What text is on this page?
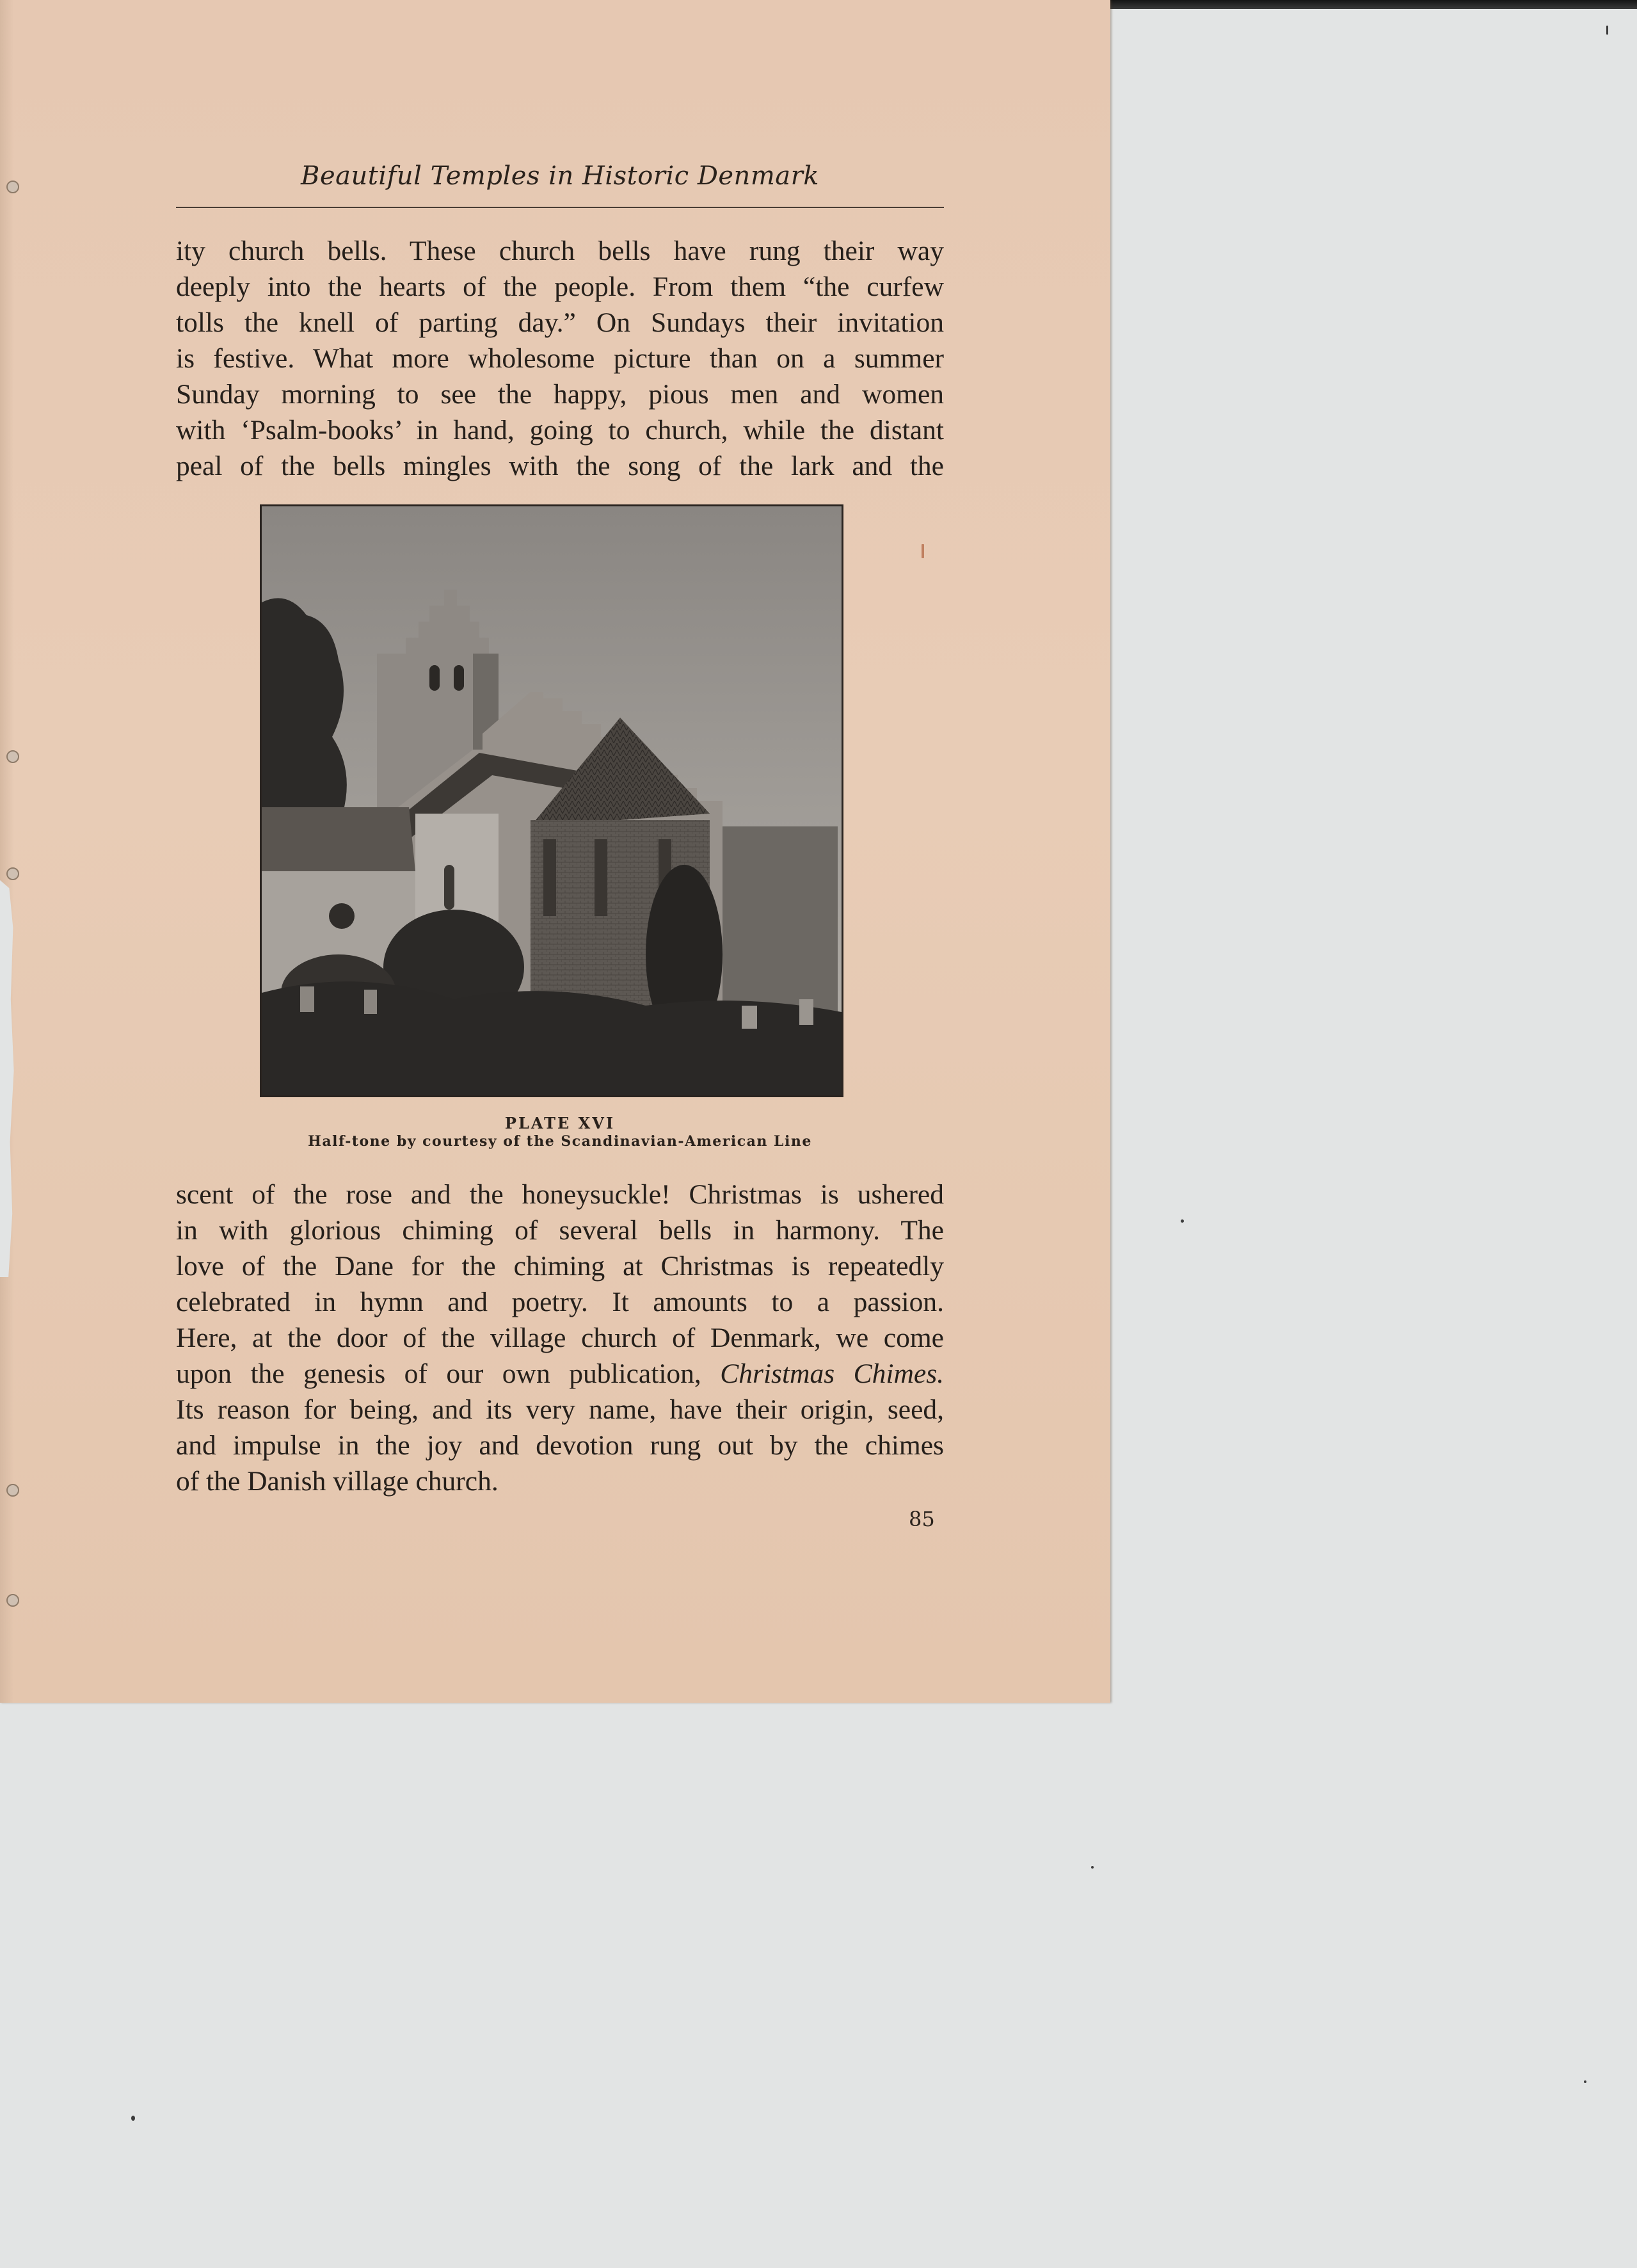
Beautiful Temples in Historic Denmark
ity church bells. These church bells have rung their way
deeply into the hearts of the people. From them “the curfew
tolls the knell of parting day.” On Sundays their invitation
is festive. What more wholesome picture than on a summer
Sunday morning to see the happy, pious men and women
with ‘Psalm-books’ in hand, going to church, while the distant
peal of the bells mingles with the song of the lark and the
PLATE XVI
Half-tone by courtesy of the Scandinavian-American Line
scent of the rose and the honeysuckle! Christmas is ushered
in with glorious chiming of several bells in harmony. The
love of the Dane for the chiming at Christmas is repeatedly
celebrated in hymn and poetry. It amounts to a passion.
Here, at the door of the village church of Denmark, we come
upon the genesis of our own publication, Christmas Chimes.
Its reason for being, and its very name, have their origin, seed,
and impulse in the joy and devotion rung out by the chimes
of the Danish village church.
85
